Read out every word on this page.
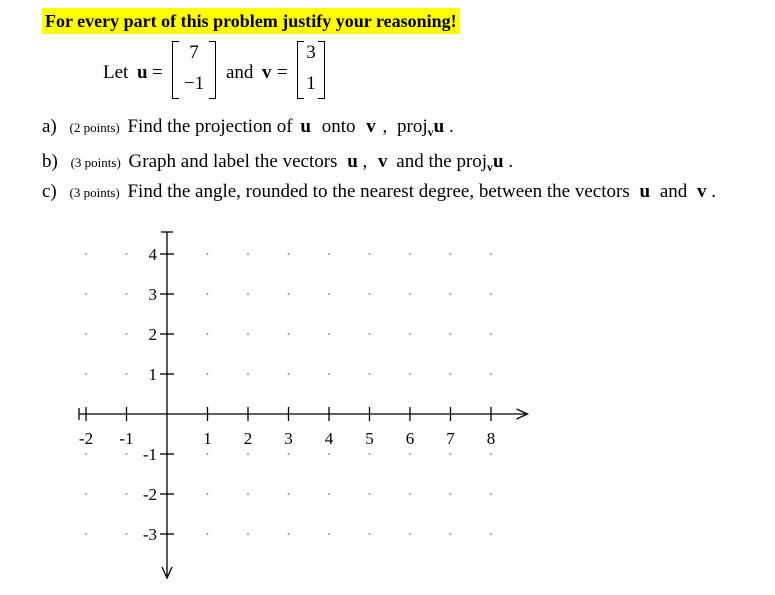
For every part of this problem justify your reasoning!
Let u =
7
−1
and v =
3
1
a) (2 points) Find the projection of u onto v , proj$_v$u .
b) (3 points) Graph and label the vectors u , v and the proj$_v$u .
c) (3 points) Find the angle, rounded to the nearest degree, between the vectors u and v .
-2 -1	1 2 3 4 5 6 7 8
4
3
2
1
-1
-2
-3
